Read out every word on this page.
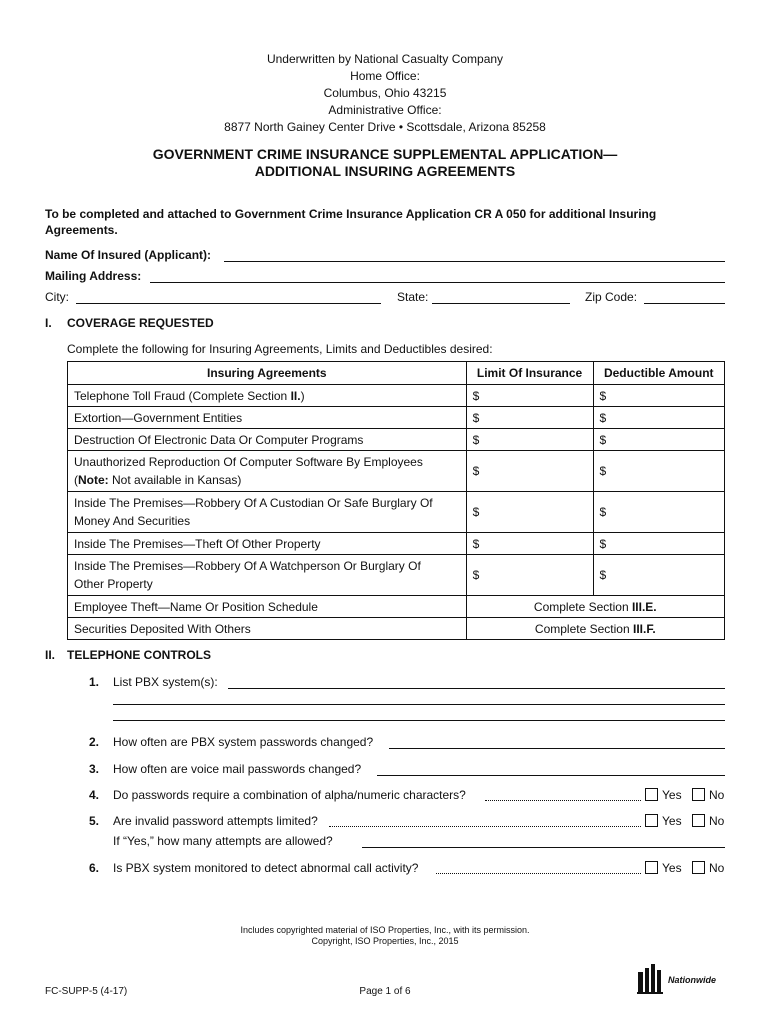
Underwritten by National Casualty Company
Home Office:
Columbus, Ohio 43215
Administrative Office:
8877 North Gainey Center Drive • Scottsdale, Arizona 85258
GOVERNMENT CRIME INSURANCE SUPPLEMENTAL APPLICATION—
ADDITIONAL INSURING AGREEMENTS
To be completed and attached to Government Crime Insurance Application CR A 050 for additional Insuring
Agreements.
Name Of Insured (Applicant):
Mailing Address:
City:	State:	Zip Code:
I. COVERAGE REQUESTED
Complete the following for Insuring Agreements, Limits and Deductibles desired:
Insuring Agreements	Limit Of Insurance	Deductible Amount
Telephone Toll Fraud (Complete Section II.)	$	$
Extortion—Government Entities	$	$
Destruction Of Electronic Data Or Computer Programs	$	$

Unauthorized Reproduction Of Computer Software By Employees
(Note: Not available in Kansas)	$	$

Inside The Premises—Robbery Of A Custodian Or Safe Burglary Of
Money And Securities	$	$
Inside The Premises—Theft Of Other Property	$	$

Inside The Premises—Robbery Of A Watchperson Or Burglary Of
Other Property	$	$
Employee Theft—Name Or Position Schedule	Complete Section III.E.	
Securities Deposited With Others	Complete Section III.F.	
II. TELEPHONE CONTROLS
1. List PBX system(s):
2. How often are PBX system passwords changed?
3. How often are voice mail passwords changed?
4. Do passwords require a combination of alpha/numeric characters?	Yes	No
5. Are invalid password attempts limited?	Yes	No
If “Yes,” how many attempts are allowed?
6. Is PBX system monitored to detect abnormal call activity?	Yes	No
Includes copyrighted material of ISO Properties, Inc., with its permission.
Copyright, ISO Properties, Inc., 2015
FC-SUPP-5 (4-17)	Page 1 of 6
Nationwide
